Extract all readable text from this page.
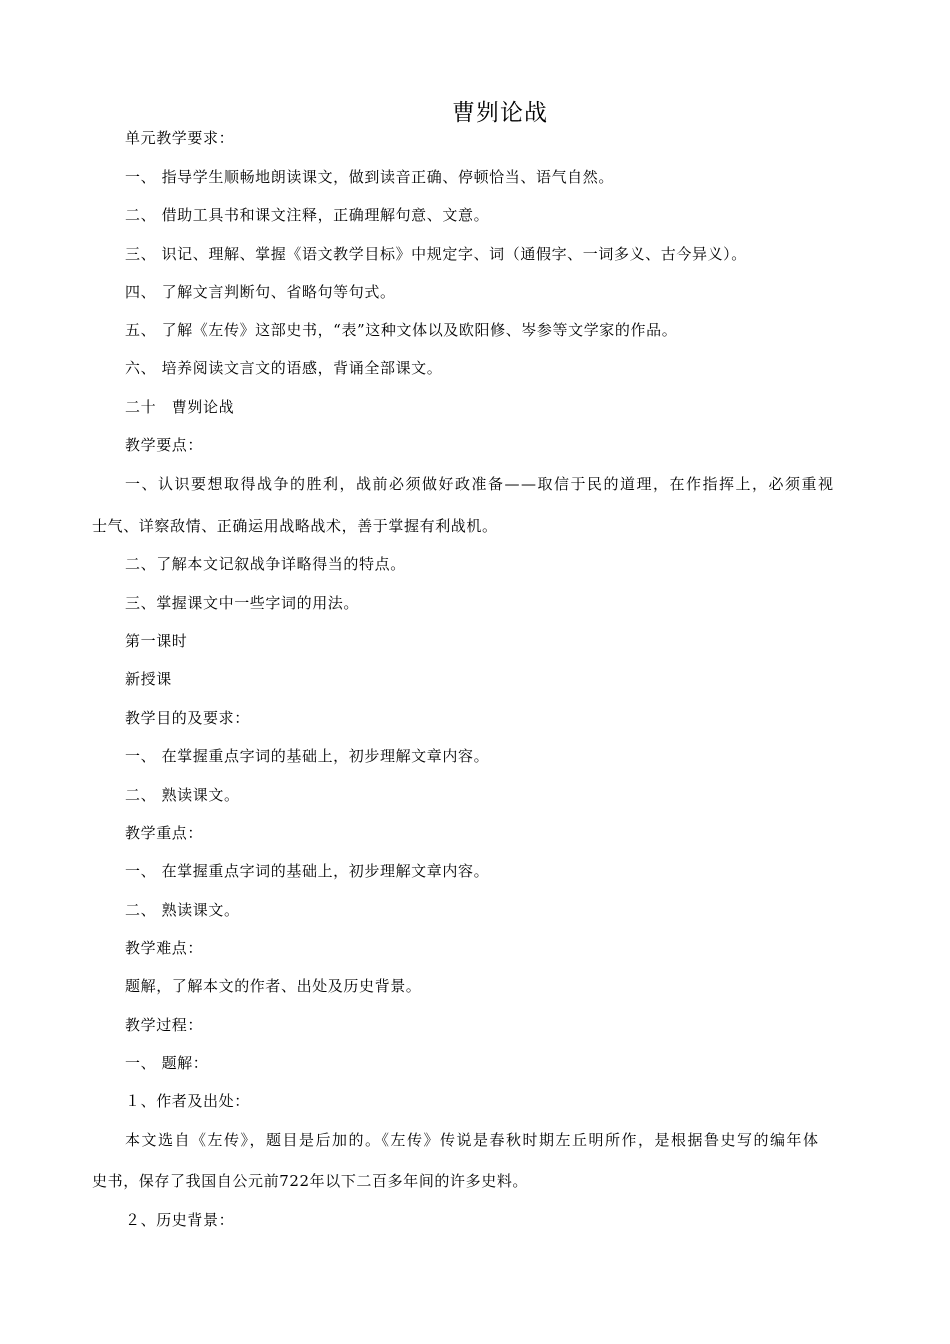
曹刿论战
单元教学要求：
一、 指导学生顺畅地朗读课文，做到读音正确、停顿恰当、语气自然。
二、 借助工具书和课文注释，正确理解句意、文意。
三、 识记、理解、掌握《语文教学目标》中规定字、词（通假字、一词多义、古今异义）。
四、 了解文言判断句、省略句等句式。
五、 了解《左传》这部史书，“表”这种文体以及欧阳修、岑参等文学家的作品。
六、 培养阅读文言文的语感，背诵全部课文。
二十　曹刿论战
教学要点：
一、认识要想取得战争的胜利，战前必须做好政准备——取信于民的道理，在作指挥上，必须重视
士气、详察敌情、正确运用战略战术，善于掌握有利战机。
二、了解本文记叙战争详略得当的特点。
三、掌握课文中一些字词的用法。
第一课时
新授课
教学目的及要求：
一、 在掌握重点字词的基础上，初步理解文章内容。
二、 熟读课文。
教学重点：
一、 在掌握重点字词的基础上，初步理解文章内容。
二、 熟读课文。
教学难点：
题解，了解本文的作者、出处及历史背景。
教学过程：
一、 题解：
１、作者及出处：
本文选自《左传》，题目是后加的。《左传》传说是春秋时期左丘明所作，是根据鲁史写的编年体
史书，保存了我国自公元前722年以下二百多年间的许多史料。
２、历史背景：
